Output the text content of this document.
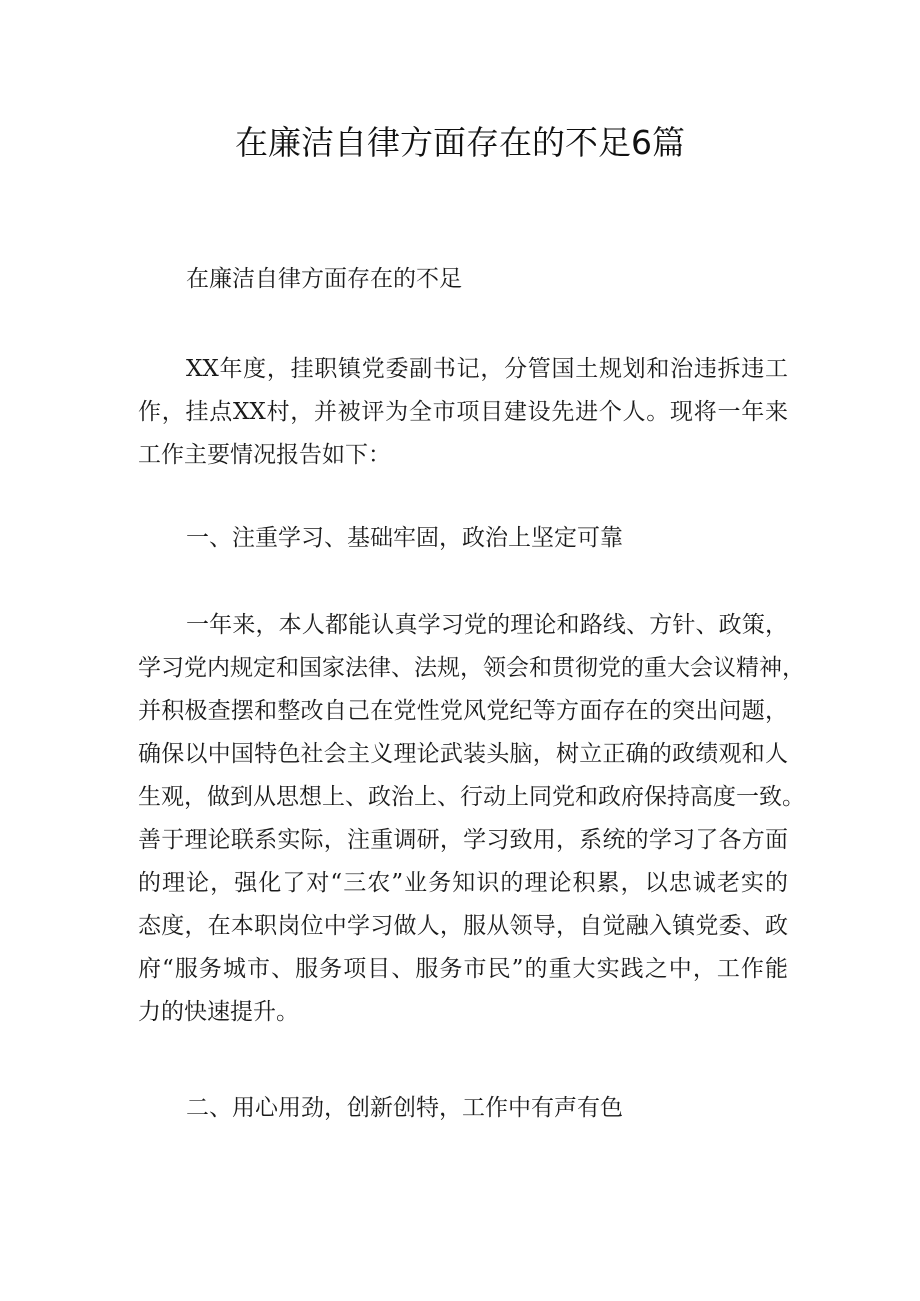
在廉洁自律方面存在的不足6篇

在廉洁自律方面存在的不足

XX年度，挂职镇党委副书记，分管国土规划和治违拆违工
作，挂点XX村，并被评为全市项目建设先进个人。现将一年来
工作主要情况报告如下：

一、注重学习、基础牢固，政治上坚定可靠

一年来，本人都能认真学习党的理论和路线、方针、政策，
学习党内规定和国家法律、法规，领会和贯彻党的重大会议精神，
并积极查摆和整改自己在党性党风党纪等方面存在的突出问题，
确保以中国特色社会主义理论武装头脑，树立正确的政绩观和人
生观，做到从思想上、政治上、行动上同党和政府保持高度一致。
善于理论联系实际，注重调研，学习致用，系统的学习了各方面
的理论，强化了对“三农”业务知识的理论积累，以忠诚老实的
态度，在本职岗位中学习做人，服从领导，自觉融入镇党委、政
府“服务城市、服务项目、服务市民”的重大实践之中，工作能
力的快速提升。

二、用心用劲，创新创特，工作中有声有色
